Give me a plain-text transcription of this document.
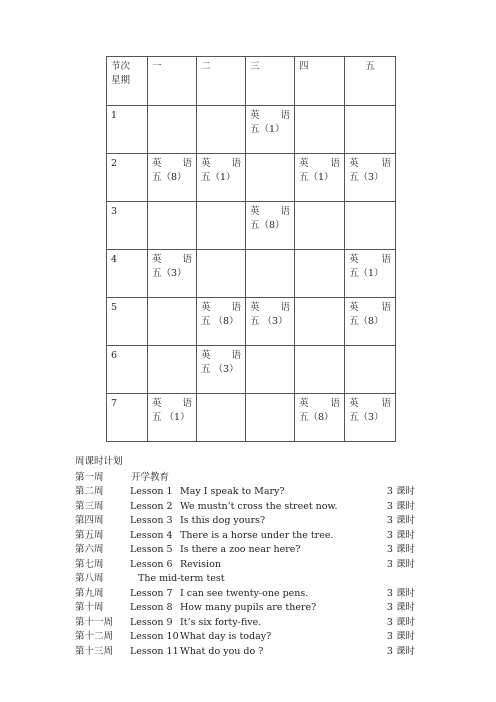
节次
星期	一	二	三	四	五
1			英 语
五（1）		

2	英 语
五（8）	英 语
五（1）		英 语
五（1）	英 语
五（3）

3			英 语
五（8）		

4	英 语
五（3）				英 语
五（1）

5		英 语
五 （8）	英 语
五 （3）		英 语
五（8）

6		英 语
五 （3）			

7	英 语
五 （1）			英 语
五（8）	英 语
五（3）
周课时计划
第一周	开学教育
第二周	Lesson 1 May I speak to Mary?	3 课时
第三周	Lesson 2 We mustn’t cross the street now.	3 课时
第四周	Lesson 3 Is this dog yours?	3 课时
第五周	Lesson 4 There is a horse under the tree.	3 课时
第六周	Lesson 5 Is there a zoo near here?	3 课时
第七周	Lesson 6 Revision	3 课时
第八周	The mid-term test
第九周	Lesson 7 I can see twenty-one pens.	3 课时
第十周	Lesson 8 How many pupils are there?	3 课时
第十一周 Lesson 9 It’s six forty-five.	3 课时
第十二周 Lesson 10 What day is today?	3 课时
第十三周 Lesson 11 What do you do ?	3 课时
